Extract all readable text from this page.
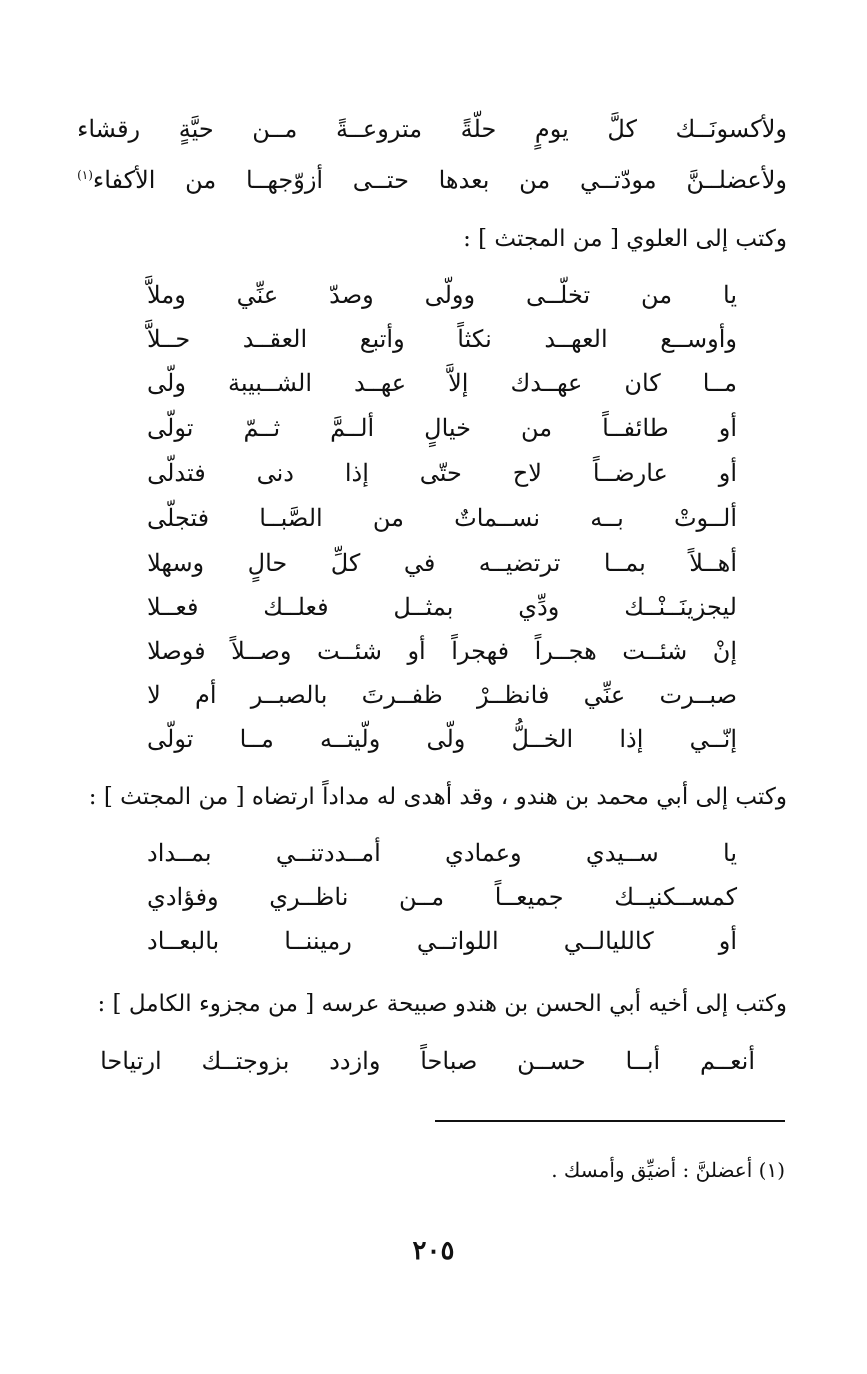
ولأكسونَــك
كلَّ
يومٍ
حلّةً
متروعــةً
مــن
حيَّةٍ
رقشاء
ولأعضلــنَّ
مودّتــي
من
بعدها
حتــى
أزوّجهــا
من
الأكفاء$^{(١)}$
وكتب إلى العلوي [ من المجتث ] :
يا
من
تخلّــى
وولّى
وصدّ
عنِّي
وملاَّ
وأوســع
العهــد
نكثاً
وأتبع
العقــد
حــلاَّ
مــا
كان
عهــدك
إلاَّ
عهــد
الشــبيبة
ولّى
أو
طائفــاً
من
خيالٍ
ألــمَّ
ثــمّ
تولّى
أو
عارضــاً
لاح
حتّى
إذا
دنى
فتدلّى
ألــوتْ
بــه
نســماتٌ
من
الصَّبــا
فتجلّى
أهــلاً
بمــا
ترتضيــه
في
كلِّ
حالٍ
وسهلا
ليجزينَــنْــك
ودِّي
بمثــل
فعلــك
فعــلا
إنْ
شئــت
هجــراً
فهجراً
أو
شئــت
وصــلاً
فوصلا
صبــرت
عنِّي
فانظــرْ
ظفــرتَ
بالصبــر
أم
لا
إنّــي
إذا
الخــلُّ
ولّى
ولّيتــه
مــا
تولّى
وكتب إلى أبي محمد بن هندو ، وقد أهدى له مداداً ارتضاه [ من المجتث ] :
يا
ســيدي
وعمادي
أمــددتنــي
بمــداد
كمســكنيــك
جميعــاً
مــن
ناظــري
وفؤادي
أو
كالليالــي
اللواتــي
رميننــا
بالبعــاد
وكتب إلى أخيه أبي الحسن بن هندو صبيحة عرسه [ من مجزوء الكامل ] :
أنعــم
أبــا
حســن
صباحاً
وازدد
بزوجتــك
ارتياحا
(١) أعضلنَّ : أضيِّق وأمسك .
٢٠٥
